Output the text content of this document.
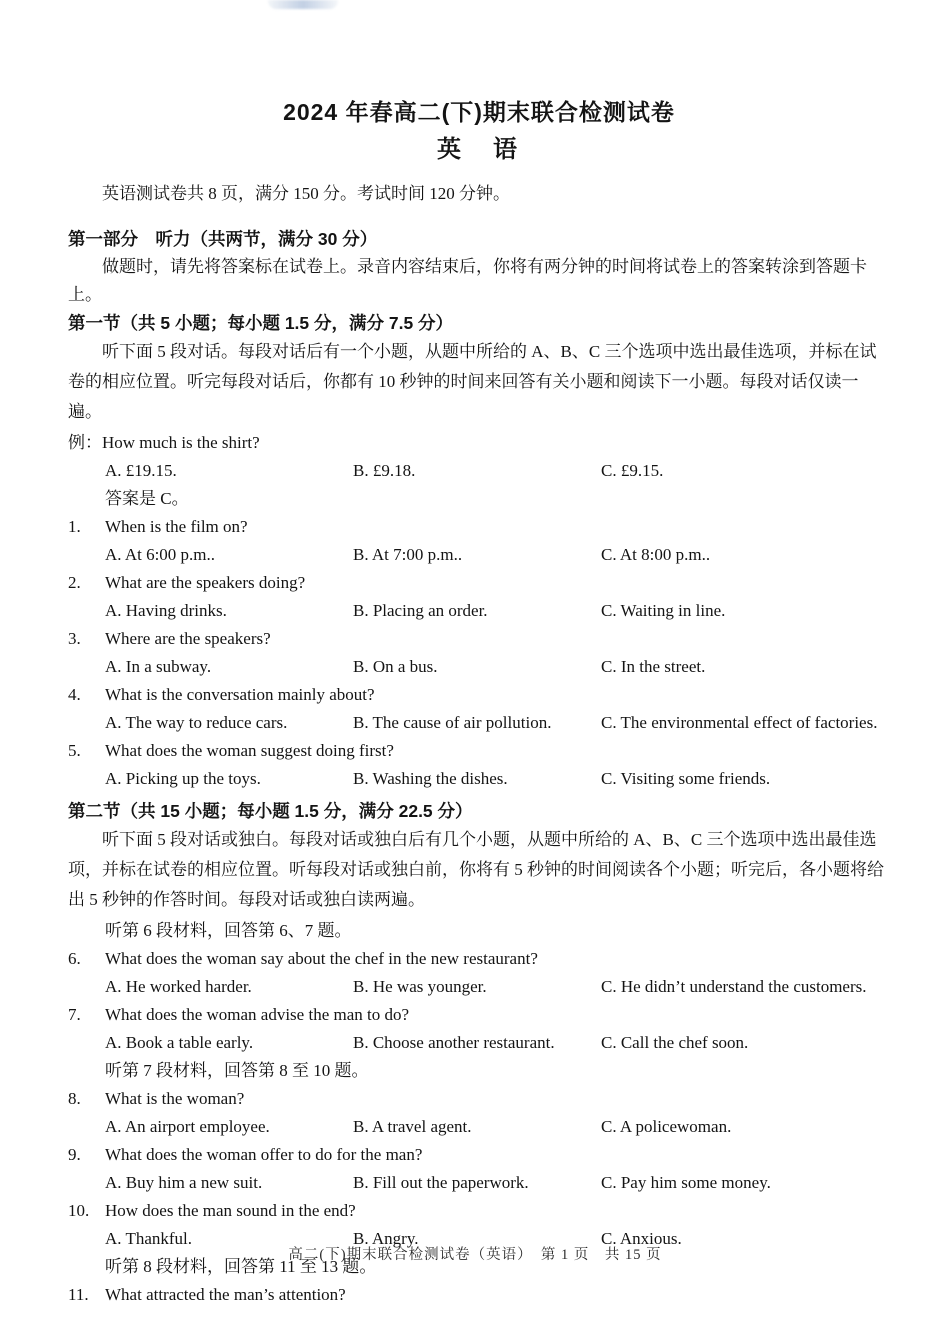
2024 年春高二(下)期末联合检测试卷
英　语

英语测试卷共 8 页，满分 150 分。考试时间 120 分钟。

第一部分　听力（共两节，满分 30 分）

做题时，请先将答案标在试卷上。录音内容结束后，你将有两分钟的时间将试卷上的答案转涂到答题卡上。

第一节（共 5 小题；每小题 1.5 分，满分 7.5 分）
听下面 5 段对话。每段对话后有一个小题，从题中所给的 A、B、C 三个选项中选出最佳选项，并标在试卷的相应位置。听完每段对话后，你都有 10 秒钟的时间来回答有关小题和阅读下一小题。每段对话仅读一遍。
例：How much is the shirt?
A. £19.15.	B. £9.18.	C. £9.15.
答案是 C。
1.	When is the film on?
A. At 6:00 p.m..	B. At 7:00 p.m..	C. At 8:00 p.m..
2.	What are the speakers doing?
A. Having drinks.	B. Placing an order.	C. Waiting in line.
3.	Where are the speakers?
A. In a subway.	B. On a bus.	C. In the street.
4.	What is the conversation mainly about?
A. The way to reduce cars.	B. The cause of air pollution.	C. The environmental effect of factories.
5.	What does the woman suggest doing first?
A. Picking up the toys.	B. Washing the dishes.	C. Visiting some friends.
第二节（共 15 小题；每小题 1.5 分，满分 22.5 分）
听下面 5 段对话或独白。每段对话或独白后有几个小题，从题中所给的 A、B、C 三个选项中选出最佳选项，并标在试卷的相应位置。听每段对话或独白前，你将有 5 秒钟的时间阅读各个小题；听完后，各小题将给出 5 秒钟的作答时间。每段对话或独白读两遍。
听第 6 段材料，回答第 6、7 题。
6.	What does the woman say about the chef in the new restaurant?
A. He worked harder.	B. He was younger.	C. He didn’t understand the customers.
7.	What does the woman advise the man to do?
A. Book a table early.	B. Choose another restaurant.	C. Call the chef soon.
听第 7 段材料，回答第 8 至 10 题。
8.	What is the woman?
A. An airport employee.	B. A travel agent.	C. A policewoman.
9.	What does the woman offer to do for the man?
A. Buy him a new suit.	B. Fill out the paperwork.	C. Pay him some money.
10. How does the man sound in the end?
A. Thankful.	B. Angry.	C. Anxious.
听第 8 段材料，回答第 11 至 13 题。
11. What attracted the man’s attention?
高二(下)期末联合检测试卷（英语）　第 1 页　共 15 页
